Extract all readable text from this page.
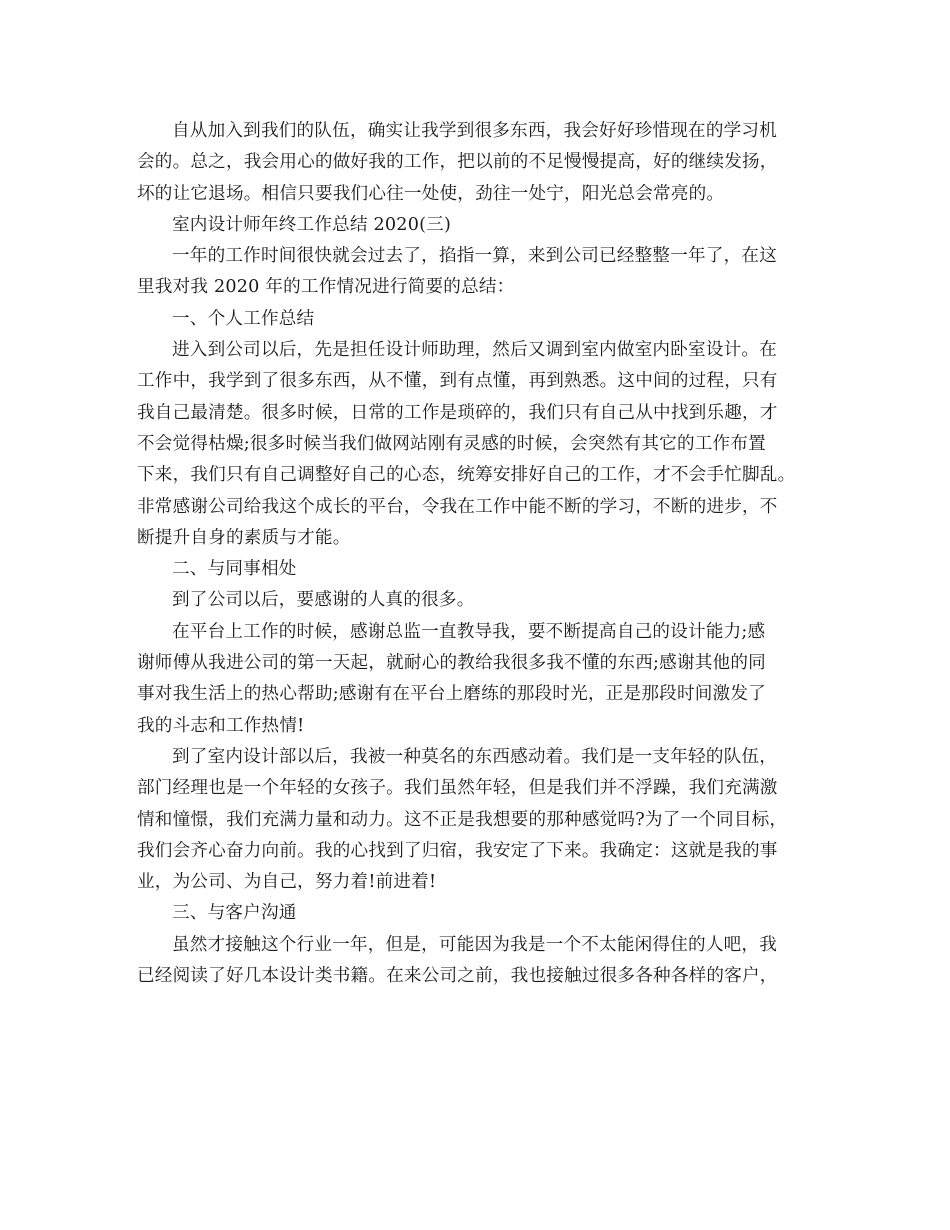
自从加入到我们的队伍，确实让我学到很多东西，我会好好珍惜现在的学习机
会的。总之，我会用心的做好我的工作，把以前的不足慢慢提高，好的继续发扬，
坏的让它退场。相信只要我们心往一处使，劲往一处宁，阳光总会常亮的。
室内设计师年终工作总结 2020(三)
一年的工作时间很快就会过去了，掐指一算，来到公司已经整整一年了，在这
里我对我 2020 年的工作情况进行简要的总结：
一、个人工作总结
进入到公司以后，先是担任设计师助理，然后又调到室内做室内卧室设计。在
工作中，我学到了很多东西，从不懂，到有点懂，再到熟悉。这中间的过程，只有
我自己最清楚。很多时候，日常的工作是琐碎的，我们只有自己从中找到乐趣，才
不会觉得枯燥;很多时候当我们做网站刚有灵感的时候，会突然有其它的工作布置
下来，我们只有自己调整好自己的心态，统筹安排好自己的工作，才不会手忙脚乱。
非常感谢公司给我这个成长的平台，令我在工作中能不断的学习，不断的进步，不
断提升自身的素质与才能。
二、与同事相处
到了公司以后，要感谢的人真的很多。
在平台上工作的时候，感谢总监一直教导我，要不断提高自己的设计能力;感
谢师傅从我进公司的第一天起，就耐心的教给我很多我不懂的东西;感谢其他的同
事对我生活上的热心帮助;感谢有在平台上磨练的那段时光，正是那段时间激发了
我的斗志和工作热情!
到了室内设计部以后，我被一种莫名的东西感动着。我们是一支年轻的队伍，
部门经理也是一个年轻的女孩子。我们虽然年轻，但是我们并不浮躁，我们充满激
情和憧憬，我们充满力量和动力。这不正是我想要的那种感觉吗?为了一个同目标，
我们会齐心奋力向前。我的心找到了归宿，我安定了下来。我确定：这就是我的事
业，为公司、为自己，努力着!前进着!
三、与客户沟通
虽然才接触这个行业一年，但是，可能因为我是一个不太能闲得住的人吧，我
已经阅读了好几本设计类书籍。在来公司之前，我也接触过很多各种各样的客户，
